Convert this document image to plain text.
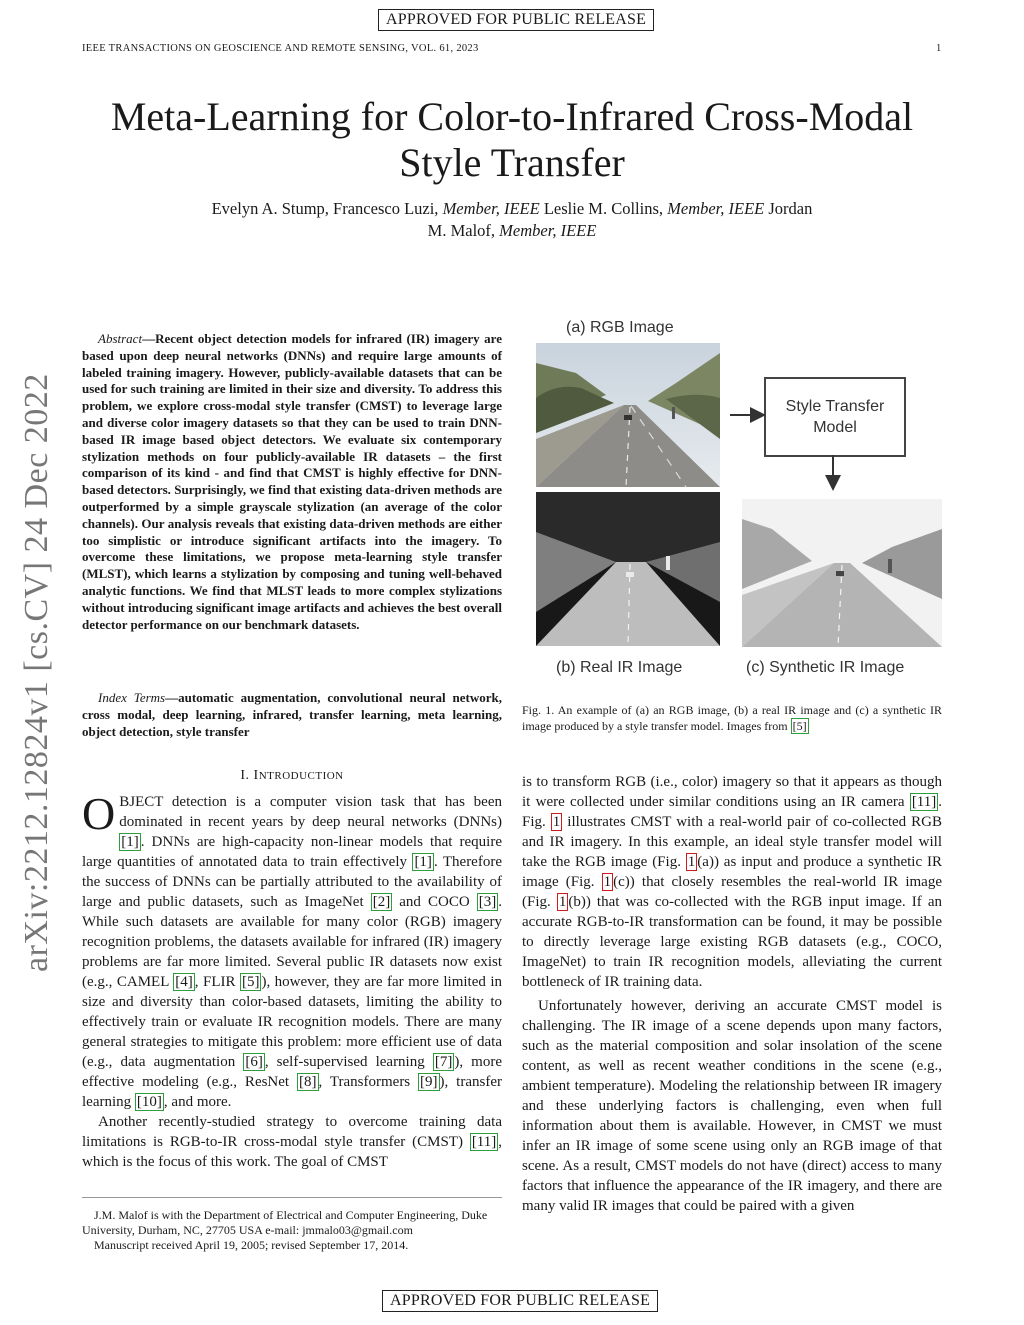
APPROVED FOR PUBLIC RELEASE
IEEE TRANSACTIONS ON GEOSCIENCE AND REMOTE SENSING, VOL. 61, 2023	1
arXiv:2212.12824v1 [cs.CV] 24 Dec 2022
Meta-Learning for Color-to-Infrared Cross-Modal
Style Transfer
Evelyn A. Stump, Francesco Luzi, Member, IEEE Leslie M. Collins, Member, IEEE Jordan
M. Malof, Member, IEEE
Abstract—Recent object detection models for infrared (IR) imagery are based upon deep neural networks (DNNs) and require large amounts of labeled training imagery. However, publicly-available datasets that can be used for such training are limited in their size and diversity. To address this problem, we explore cross-modal style transfer (CMST) to leverage large and diverse color imagery datasets so that they can be used to train DNN-based IR image based object detectors. We evaluate six contemporary stylization methods on four publicly-available IR datasets – the first comparison of its kind - and find that CMST is highly effective for DNN-based detectors. Surprisingly, we find that existing data-driven methods are outperformed by a simple grayscale stylization (an average of the color channels). Our analysis reveals that existing data-driven methods are either too simplistic or introduce significant artifacts into the imagery. To overcome these limitations, we propose meta-learning style transfer (MLST), which learns a stylization by composing and tuning well-behaved analytic functions. We find that MLST leads to more complex stylizations without introducing significant image artifacts and achieves the best overall detector performance on our benchmark datasets.
Index Terms—automatic augmentation, convolutional neural network, cross modal, deep learning, infrared, transfer learning, meta learning, object detection, style transfer
I. INTRODUCTION

OBJECT detection is a computer vision task that has been dominated in recent years by deep neural networks (DNNs) [1] . DNNs are high-capacity non-linear models that require large quantities of annotated data to train effectively [1] . Therefore the success of DNNs can be partially attributed to the availability of large and public datasets, such as ImageNet [2] and COCO [3] . While such datasets are available for many color (RGB) imagery recognition problems, the datasets available for infrared (IR) imagery problems are far more limited. Several public IR datasets now exist (e.g., CAMEL [4] , FLIR [5] ), however, they are far more limited in size and diversity than color-based datasets, limiting the ability to effectively train or evaluate IR recognition models. There are many general strategies to mitigate this problem: more efficient use of data (e.g., data augmentation [6] , self-supervised learning [7] ), more effective modeling (e.g., ResNet [8] , Transformers [9] ), transfer learning [10] , and more.

Another recently-studied strategy to overcome training data limitations is RGB-to-IR cross-modal style transfer (CMST) [11] , which is the focus of this work. The goal of CMST

J.M. Malof is with the Department of Electrical and Computer Engineering, Duke University, Durham, NC, 27705 USA e-mail: jmmalo03@gmail.com
Manuscript received April 19, 2005; revised September 17, 2014.
(a) RGB Image
Style Transfer
Model
(b) Real IR Image	(c) Synthetic IR Image
Fig. 1. An example of (a) an RGB image, (b) a real IR image and (c) a synthetic IR image produced by a style transfer model. Images from [5]

is to transform RGB (i.e., color) imagery so that it appears as though it were collected under similar conditions using an IR camera [11] . Fig. 1 illustrates CMST with a real-world pair of co-collected RGB and IR imagery. In this example, an ideal style transfer model will take the RGB image (Fig. 1 (a)) as input and produce a synthetic IR image (Fig. 1 (c)) that closely resembles the real-world IR image (Fig. 1 (b)) that was co-collected with the RGB input image. If an accurate RGB-to-IR transformation can be found, it may be possible to directly leverage large existing RGB datasets (e.g., COCO, ImageNet) to train IR recognition models, alleviating the current bottleneck of IR training data.

Unfortunately however, deriving an accurate CMST model is challenging. The IR image of a scene depends upon many factors, such as the material composition and solar insolation of the scene content, as well as recent weather conditions in the scene (e.g., ambient temperature). Modeling the relationship between IR imagery and these underlying factors is challenging, even when full information about them is available. However, in CMST we must infer an IR image of some scene using only an RGB image of that scene. As a result, CMST models do not have (direct) access to many factors that influence the appearance of the IR imagery, and there are many valid IR images that could be paired with a given

APPROVED FOR PUBLIC RELEASE
